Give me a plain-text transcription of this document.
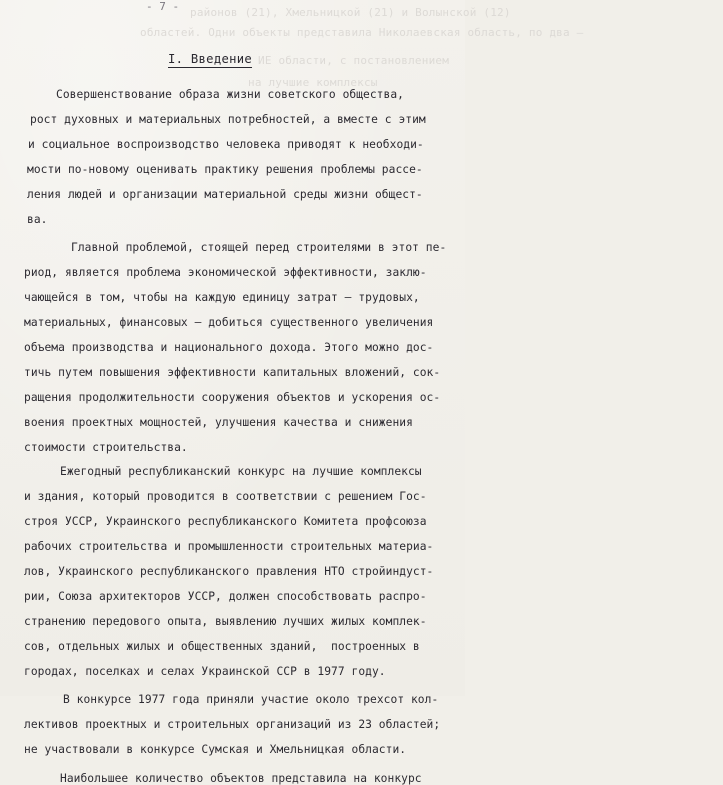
районов (21), Хмельницкой (21) и Волынской (12)
областей. Одни объекты представила Николаевская область, по два –
ИЕ области, с постановлением
на лучшие комплексы
- 7 -
I. Введение
Совершенствование образа жизни советского общества,
рост духовных и материальных потребностей, а вместе с этим
и социальное воспроизводство человека приводят к необходи-
мости по-новому оценивать практику решения проблемы рассе-
ления людей и организации материальной среды жизни общест-
ва.
Главной проблемой, стоящей перед строителями в этот пе-
риод, является проблема экономической эффективности, заклю-
чающейся в том, чтобы на каждую единицу затрат – трудовых,
материальных, финансовых – добиться существенного увеличения
объема производства и национального дохода. Этого можно дос-
тичь путем повышения эффективности капитальных вложений, сок-
ращения продолжительности сооружения объектов и ускорения ос-
воения проектных мощностей, улучшения качества и снижения
стоимости строительства.
Ежегодный республиканский конкурс на лучшие комплексы
и здания, который проводится в соответствии с решением Гос-
строя УССР, Украинского республиканского Комитета профсоюза
рабочих строительства и промышленности строительных материа-
лов, Украинского республиканского правления НТО стройиндуст-
рии, Союза архитекторов УССР, должен способствовать распро-
странению передового опыта, выявлению лучших жилых комплек-
сов, отдельных жилых и общественных зданий,  построенных в
городах, поселках и селах Украинской ССР в 1977 году.
В конкурсе 1977 года приняли участие около трехсот кол-
лективов проектных и строительных организаций из 23 областей;
не участвовали в конкурсе Сумская и Хмельницкая области.
Наибольшее количество объектов представила на конкурс
